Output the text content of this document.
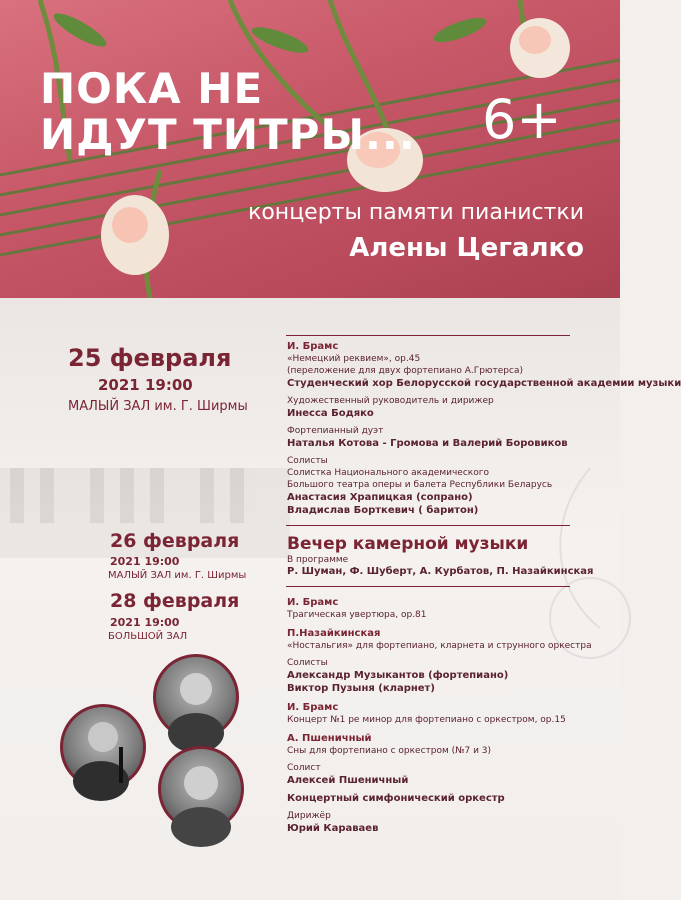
ПОКА НЕ
ИДУТ ТИТРЫ... 6+
концерты памяти пианистки
Алены Цегалко
25 февраля
2021 19:00
МАЛЫЙ ЗАЛ им. Г. Ширмы
И. Брамс
«Немецкий реквием», ор.45
(переложение для двух фортепиано А.Грютерса)
Студенческий хор Белорусской государственной академии музыки
Художественный руководитель и дирижер
Инесса Бодяко
Фортепианный дуэт
Наталья Котова - Громова и Валерий Боровиков
Солисты
Солистка Национального академического
Большого театра оперы и балета Республики Беларусь
Анастасия Храпицкая (сопрано)
Владислав Борткевич ( баритон)
26 февраля
2021 19:00
МАЛЫЙ ЗАЛ им. Г. Ширмы
Вечер камерной музыки
В программе
Р. Шуман, Ф. Шуберт, А. Курбатов, П. Назайкинская
28 февраля
2021 19:00
БОЛЬШОЙ ЗАЛ
И. Брамс
Трагическая увертюра, ор.81
П.Назайкинская
«Ностальгия» для фортепиано, кларнета и струнного оркестра
Солисты
Александр Музыкантов (фортепиано)
Виктор Пузыня (кларнет)
И. Брамс
Концерт №1 ре минор для фортепиано с оркестром, ор.15
А. Пшеничный
Сны для фортепиано с оркестром (№7 и 3)
Солист
Алексей Пшеничный
Концертный симфонический оркестр
Дирижёр
Юрий Караваев
